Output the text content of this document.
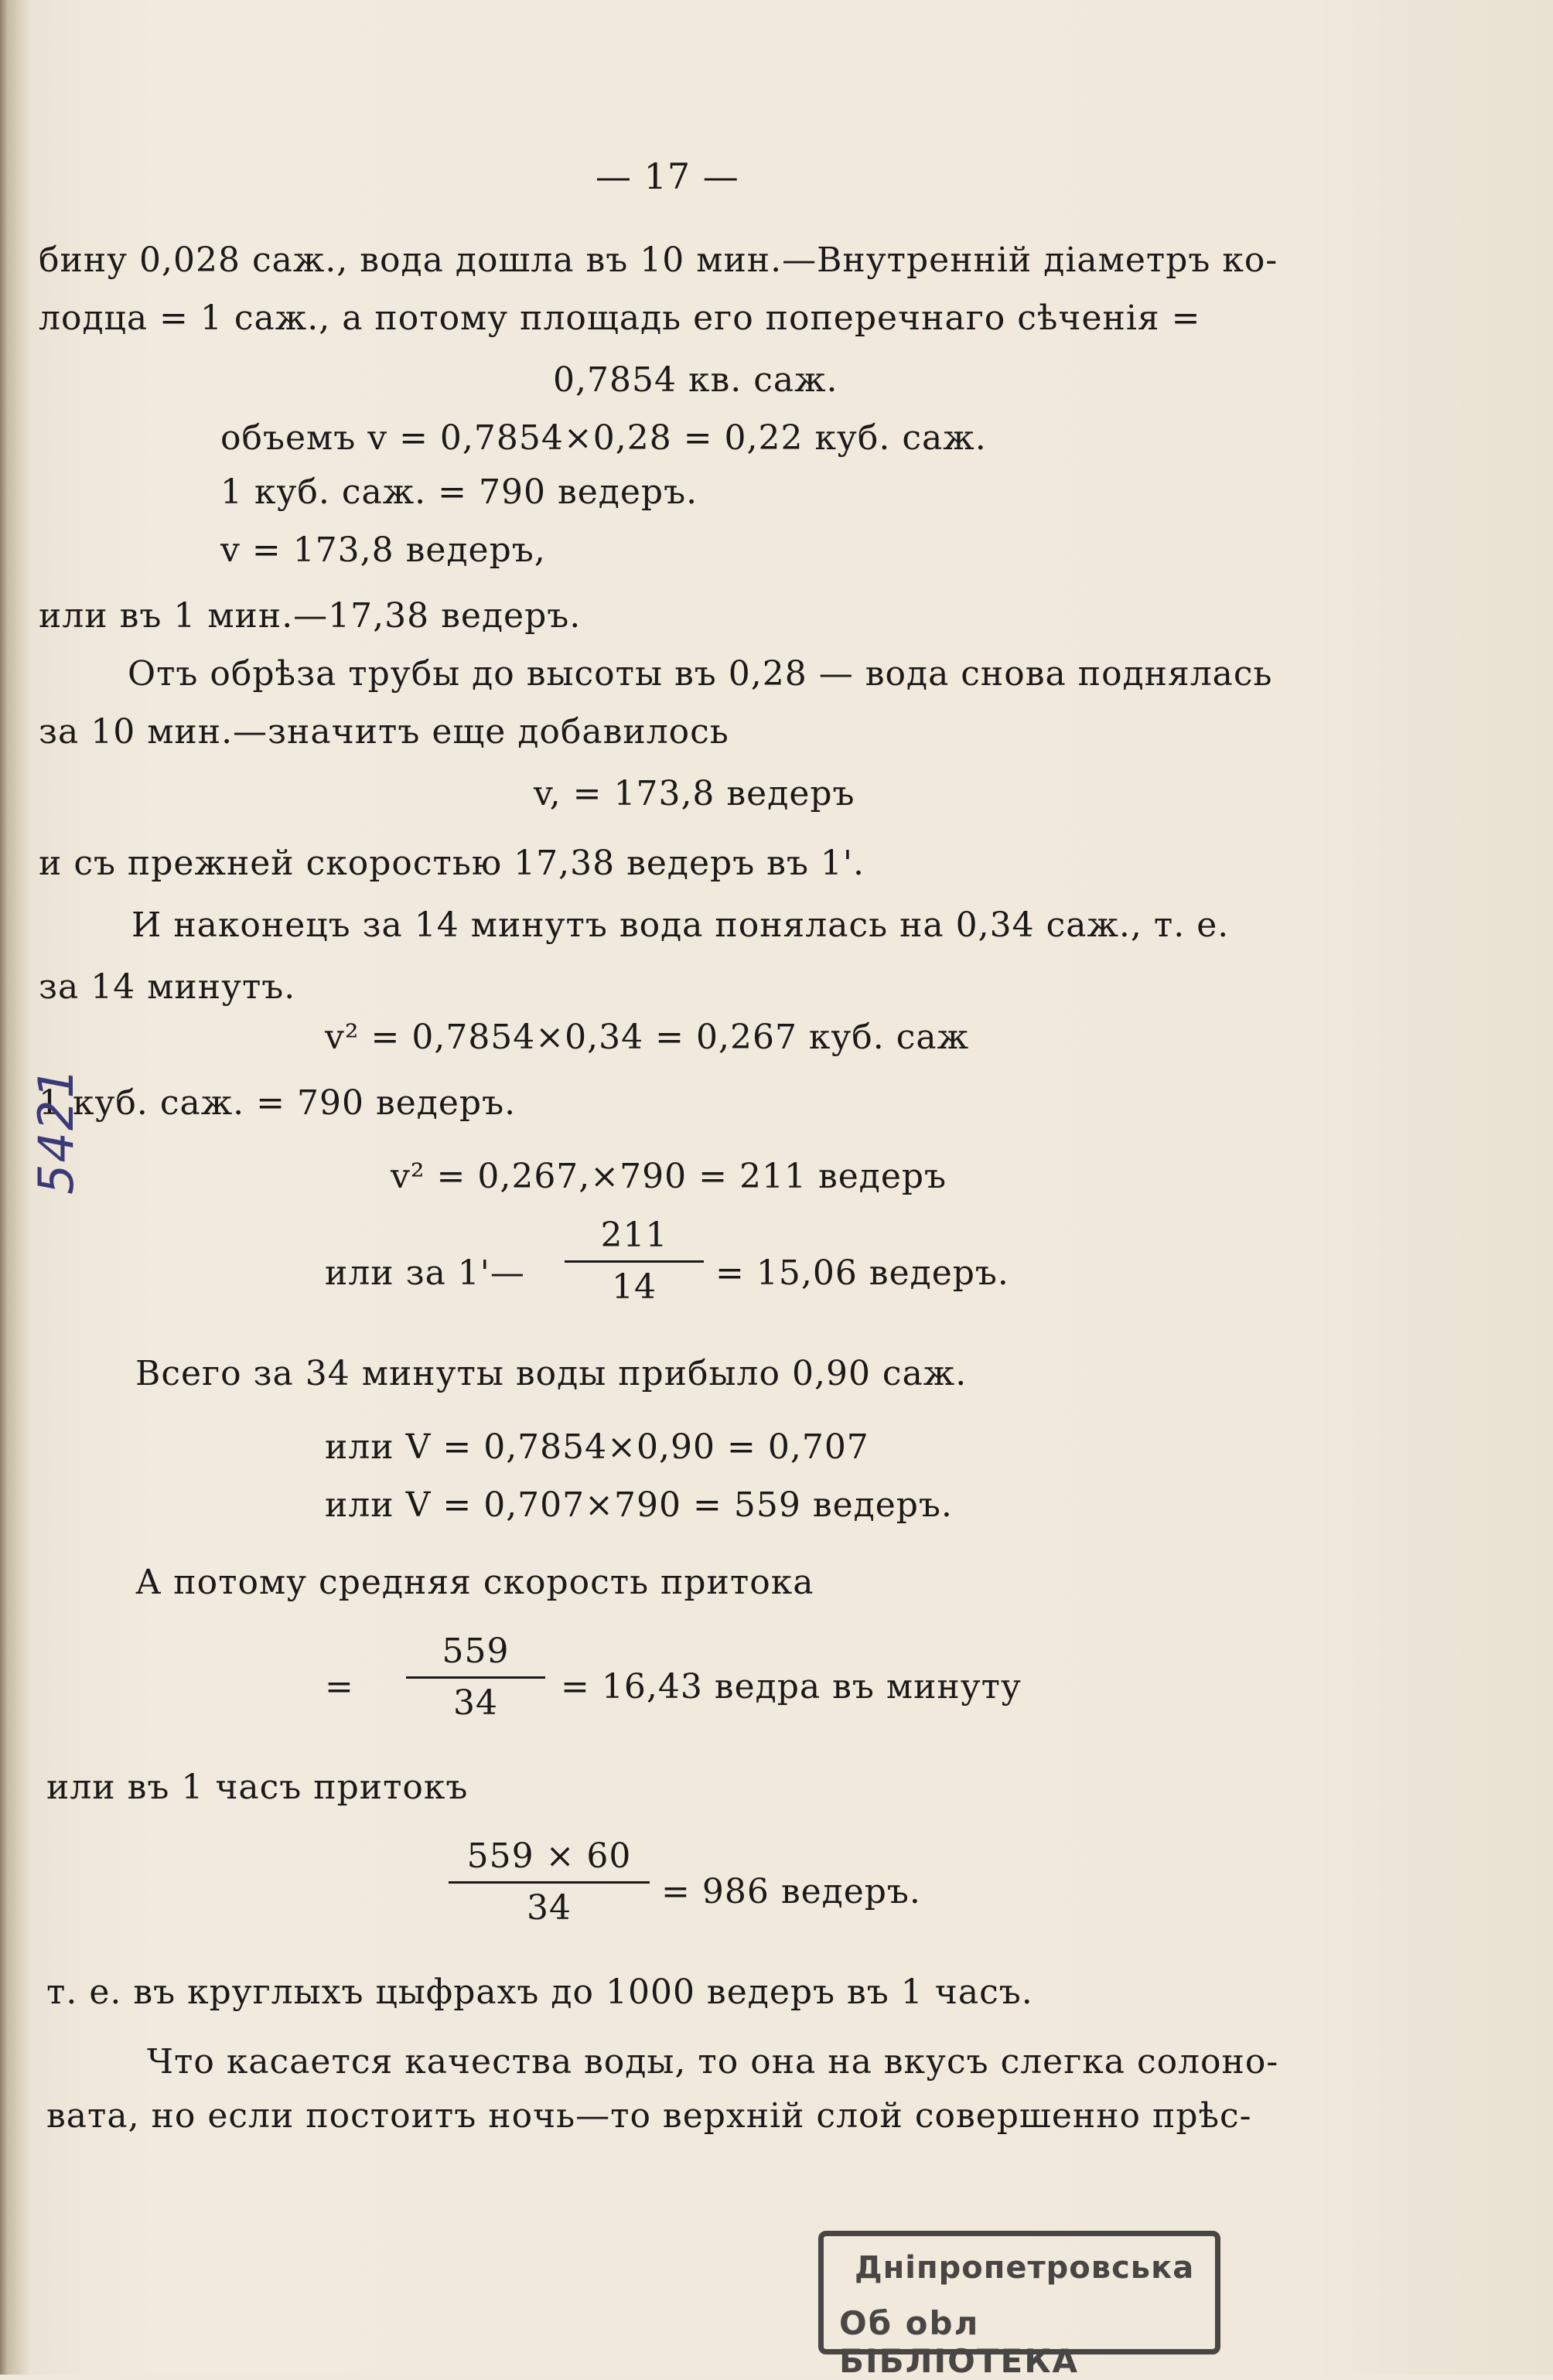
— 17 —
бину 0,028 саж., вода дошла въ 10 мин.—Внутренній діаметръ ко-
лодца = 1 саж., а потому площадь его поперечнаго сѣченія =
0,7854 кв. саж.
объемъ v = 0,7854×0,28 = 0,22 куб. саж.
1 куб. саж. = 790 ведеръ.
v = 173,8 ведеръ,
или въ 1 мин.—17,38 ведеръ.
Отъ обрѣза трубы до высоты въ 0,28 — вода снова поднялась
за 10 мин.—значитъ еще добавилось
v, = 173,8 ведеръ
и съ прежней скоростью 17,38 ведеръ въ 1'.
И наконецъ за 14 минутъ вода понялась на 0,34 саж., т. е.
за 14 минутъ.
v² = 0,7854×0,34 = 0,267 куб. саж
1 куб. саж. = 790 ведеръ.
v² = 0,267,×790 = 211 ведеръ
или за 1'—
211
14	= 15,06 ведеръ.
Всего за 34 минуты воды прибыло 0,90 саж.
или V = 0,7854×0,90 = 0,707
или V = 0,707×790 = 559 ведеръ.
А потому средняя скорость притока
=
559
34	= 16,43 ведра въ минуту
или въ 1 часъ притокъ
559 × 60
34	= 986 ведеръ.
т. е. въ круглыхъ цыфрахъ до 1000 ведеръ въ 1 часъ.
Что касается качества воды, то она на вкусъ слегка солоно-
вата, но если постоитъ ночь—то верхній слой совершенно прѣс-
5421
Дніпропетровська
Об obл БІБЛІОТЕКА
